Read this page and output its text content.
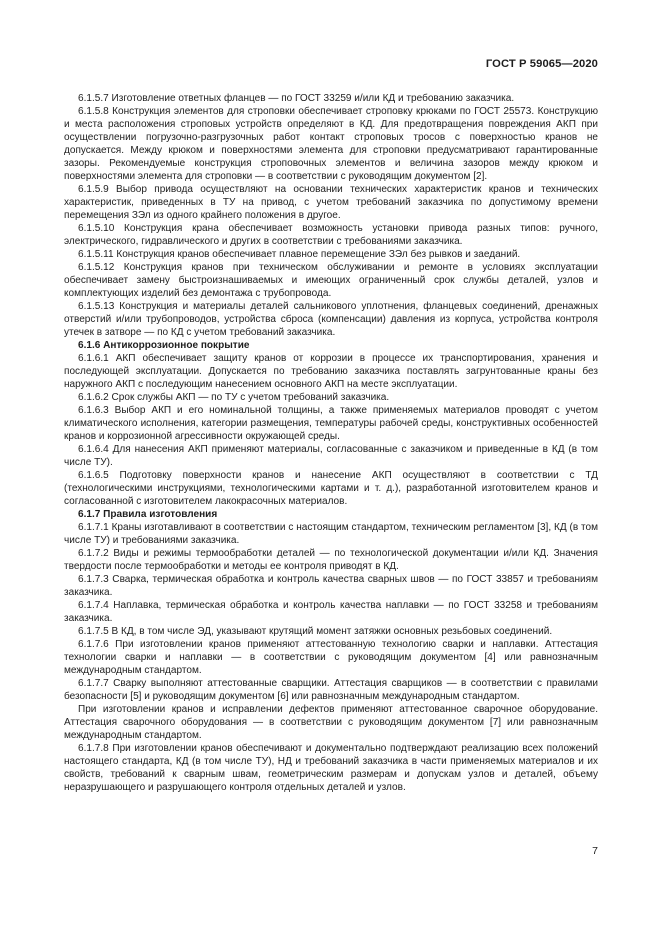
ГОСТ Р 59065—2020

6.1.5.7 Изготовление ответных фланцев — по ГОСТ 33259 и/или КД и требованию заказчика.

6.1.5.8 Конструкция элементов для строповки обеспечивает строповку крюками по ГОСТ 25573. Конструкцию и места расположения строповых устройств определяют в КД. Для предотвращения повреждения АКП при осуществлении погрузочно-разгрузочных работ контакт строповых тросов с поверхностью кранов не допускается. Между крюком и поверхностями элемента для строповки предусматривают гарантированные зазоры. Рекомендуемые конструкция строповочных элементов и величина зазоров между крюком и поверхностями элемента для строповки — в соответствии с руководящим документом [2].

6.1.5.9 Выбор привода осуществляют на основании технических характеристик кранов и технических характеристик, приведенных в ТУ на привод, с учетом требований заказчика по допустимому времени перемещения ЗЭл из одного крайнего положения в другое.

6.1.5.10 Конструкция крана обеспечивает возможность установки привода разных типов: ручного, электрического, гидравлического и других в соответствии с требованиями заказчика.

6.1.5.11 Конструкция кранов обеспечивает плавное перемещение ЗЭл без рывков и заеданий.

6.1.5.12 Конструкция кранов при техническом обслуживании и ремонте в условиях эксплуатации обеспечивает замену быстроизнашиваемых и имеющих ограниченный срок службы деталей, узлов и комплектующих изделий без демонтажа с трубопровода.

6.1.5.13 Конструкция и материалы деталей сальникового уплотнения, фланцевых соединений, дренажных отверстий и/или трубопроводов, устройства сброса (компенсации) давления из корпуса, устройства контроля утечек в затворе — по КД с учетом требований заказчика.

6.1.6 Антикоррозионное покрытие

6.1.6.1 АКП обеспечивает защиту кранов от коррозии в процессе их транспортирования, хранения и последующей эксплуатации. Допускается по требованию заказчика поставлять загрунтованные краны без наружного АКП с последующим нанесением основного АКП на месте эксплуатации.

6.1.6.2 Срок службы АКП — по ТУ с учетом требований заказчика.

6.1.6.3 Выбор АКП и его номинальной толщины, а также применяемых материалов проводят с учетом климатического исполнения, категории размещения, температуры рабочей среды, конструктивных особенностей кранов и коррозионной агрессивности окружающей среды.

6.1.6.4 Для нанесения АКП применяют материалы, согласованные с заказчиком и приведенные в КД (в том числе ТУ).

6.1.6.5 Подготовку поверхности кранов и нанесение АКП осуществляют в соответствии с ТД (технологическими инструкциями, технологическими картами и т. д.), разработанной изготовителем кранов и согласованной с изготовителем лакокрасочных материалов.

6.1.7 Правила изготовления

6.1.7.1 Краны изготавливают в соответствии с настоящим стандартом, техническим регламентом [3], КД (в том числе ТУ) и требованиями заказчика.

6.1.7.2 Виды и режимы термообработки деталей — по технологической документации и/или КД. Значения твердости после термообработки и методы ее контроля приводят в КД.

6.1.7.3 Сварка, термическая обработка и контроль качества сварных швов — по ГОСТ 33857 и требованиям заказчика.

6.1.7.4 Наплавка, термическая обработка и контроль качества наплавки — по ГОСТ 33258 и требованиям заказчика.

6.1.7.5 В КД, в том числе ЭД, указывают крутящий момент затяжки основных резьбовых соединений.

6.1.7.6 При изготовлении кранов применяют аттестованную технологию сварки и наплавки. Аттестация технологии сварки и наплавки — в соответствии с руководящим документом [4] или равнозначным международным стандартом.

6.1.7.7 Сварку выполняют аттестованные сварщики. Аттестация сварщиков — в соответствии с правилами безопасности [5] и руководящим документом [6] или равнозначным международным стандартом.

При изготовлении кранов и исправлении дефектов применяют аттестованное сварочное оборудование. Аттестация сварочного оборудования — в соответствии с руководящим документом [7] или равнозначным международным стандартом.

6.1.7.8 При изготовлении кранов обеспечивают и документально подтверждают реализацию всех положений настоящего стандарта, КД (в том числе ТУ), НД и требований заказчика в части применяемых материалов и их свойств, требований к сварным швам, геометрическим размерам и допускам узлов и деталей, объему неразрушающего и разрушающего контроля отдельных деталей и узлов.

7
